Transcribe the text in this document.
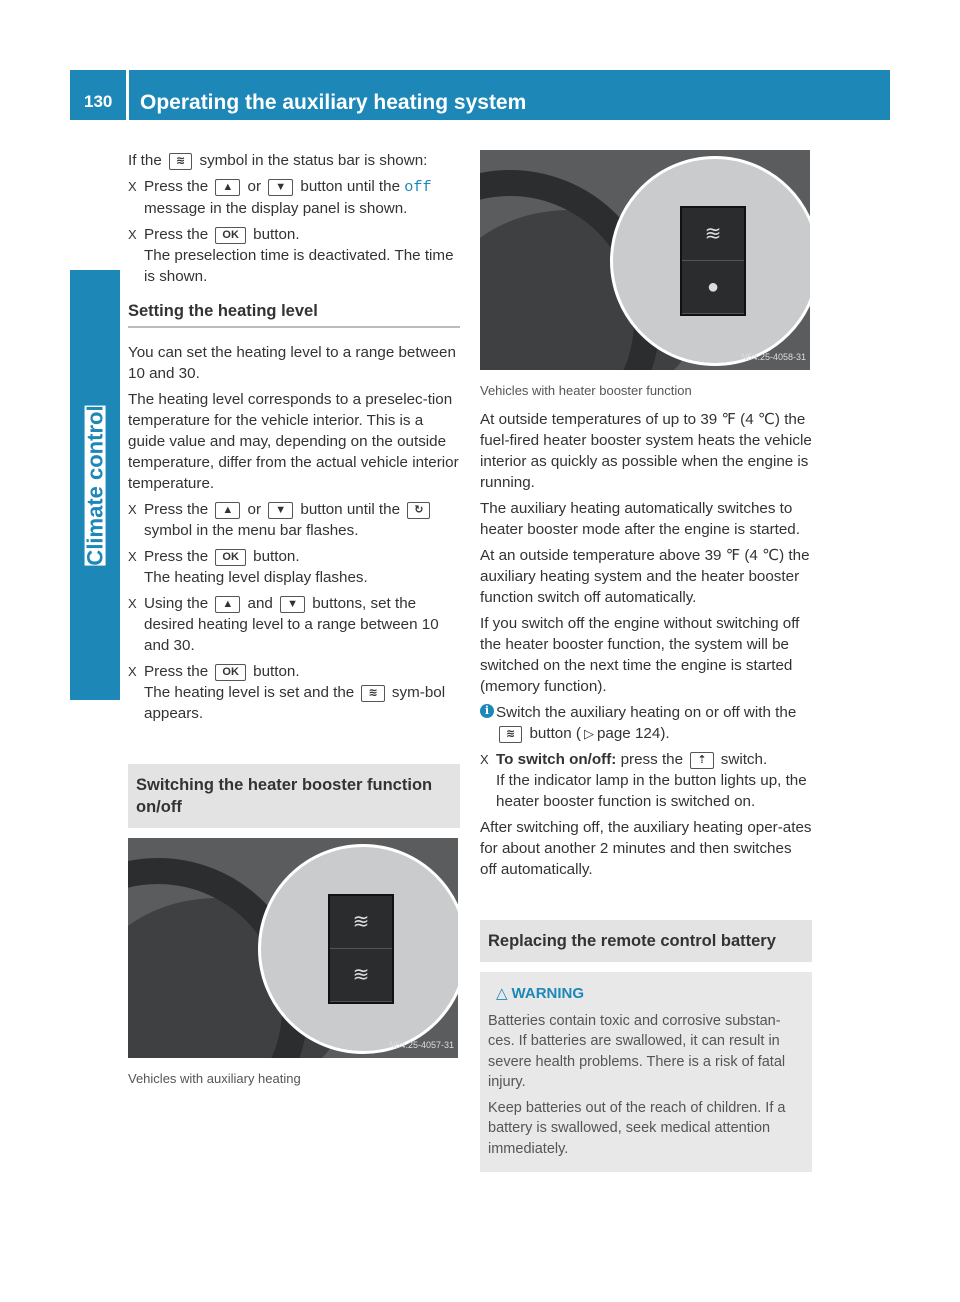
130	Operating the auxiliary heating system
Climate control

If the ≋ symbol in the status bar is shown:

X Press the ▲ or ▼ button until the off message in the display panel is shown.
X Press the OK button.
The preselection time is deactivated. The time is shown.
Setting the heating level

You can set the heating level to a range between 10 and 30.

The heating level corresponds to a preselec-tion temperature for the vehicle interior. This is a guide value and may, depending on the outside temperature, differ from the actual vehicle interior temperature.

X Press the ▲ or ▼ button until the ↻ symbol in the menu bar flashes.
X Press the OK button.
The heating level display flashes.
X Using the ▲ and ▼ buttons, set the desired heating level to a range between 10 and 30.
X Press the OK button.
The heating level is set and the ≋ sym-bol appears.
Switching the heater booster function on/off
≋
≋
N54.25-4057-31
Vehicles with auxiliary heating
≋
●
N54.25-4058-31
Vehicles with heater booster function

At outside temperatures of up to 39 ℉ (4 ℃) the fuel-fired heater booster system heats the vehicle interior as quickly as possible when the engine is running.

The auxiliary heating automatically switches to heater booster mode after the engine is started.

At an outside temperature above 39 ℉ (4 ℃) the auxiliary heating system and the heater booster function switch off automatically.

If you switch off the engine without switching off the heater booster function, the system will be switched on the next time the engine is started (memory function).

i Switch the auxiliary heating on or off with the ≋ button ( ▷ page 124).
X To switch on/off: press the ⇡ switch.
If the indicator lamp in the button lights up, the heater booster function is switched on.

After switching off, the auxiliary heating oper-ates for about another 2 minutes and then switches off automatically.

Replacing the remote control battery
△ WARNING

Batteries contain toxic and corrosive substan-ces. If batteries are swallowed, it can result in severe health problems. There is a risk of fatal injury.

Keep batteries out of the reach of children. If a battery is swallowed, seek medical attention immediately.
